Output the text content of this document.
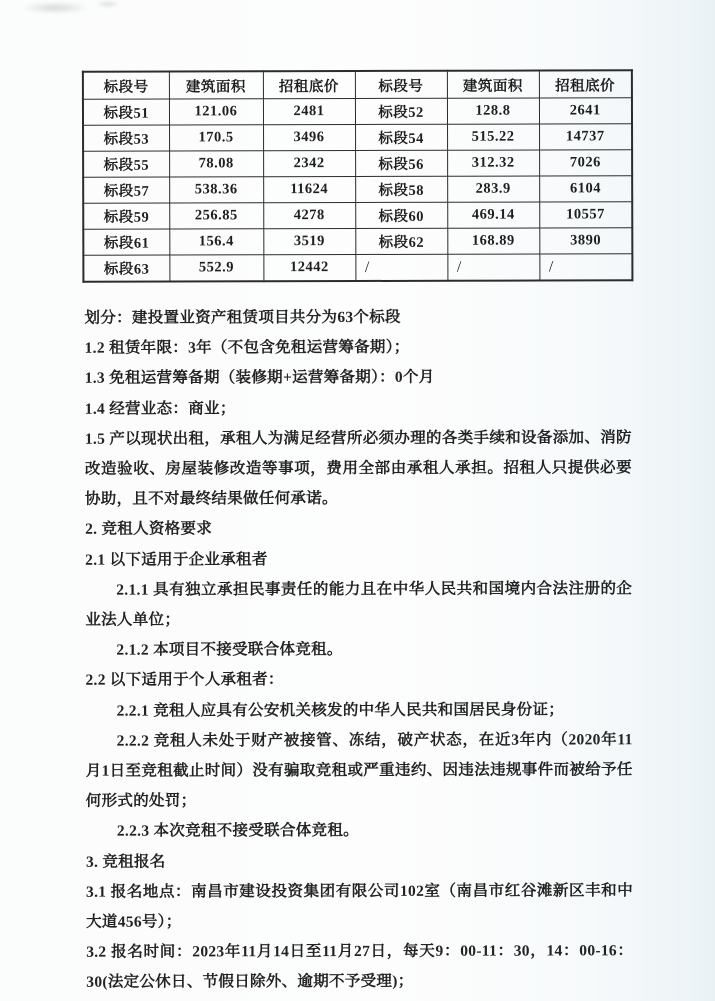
标段号	建筑面积	招租底价	标段号	建筑面积	招租底价
标段51	121.06	2481	标段52	128.8	2641
标段53	170.5	3496	标段54	515.22	14737
标段55	78.08	2342	标段56	312.32	7026
标段57	538.36	11624	标段58	283.9	6104
标段59	256.85	4278	标段60	469.14	10557
标段61	156.4	3519	标段62	168.89	3890
标段63	552.9	12442	/	/	/

划分：建投置业资产租赁项目共分为63个标段

1.2 租赁年限：3年（不包含免租运营筹备期）；

1.3 免租运营筹备期（装修期+运营筹备期）：0个月

1.4 经营业态：商业；

1.5 产以现状出租，承租人为满足经营所必须办理的各类手续和设备添加、消防改造验收、房屋装修改造等事项，费用全部由承租人承担。招租人只提供必要协助，且不对最终结果做任何承诺。

2. 竞租人资格要求

2.1 以下适用于企业承租者

2.1.1 具有独立承担民事责任的能力且在中华人民共和国境内合法注册的企业法人单位；

2.1.2 本项目不接受联合体竞租。

2.2 以下适用于个人承租者：

2.2.1 竞租人应具有公安机关核发的中华人民共和国居民身份证；

2.2.2 竞租人未处于财产被接管、冻结，破产状态，在近3年内（2020年11月1日至竞租截止时间）没有骗取竞租或严重违约、因违法违规事件而被给予任何形式的处罚；

2.2.3 本次竞租不接受联合体竞租。

3. 竞租报名

3.1 报名地点：南昌市建设投资集团有限公司102室（南昌市红谷滩新区丰和中大道456号）；

3.2 报名时间：2023年11月14日至11月27日，每天9：00-11：30，14：00-16：30(法定公休日、节假日除外、逾期不予受理)；
